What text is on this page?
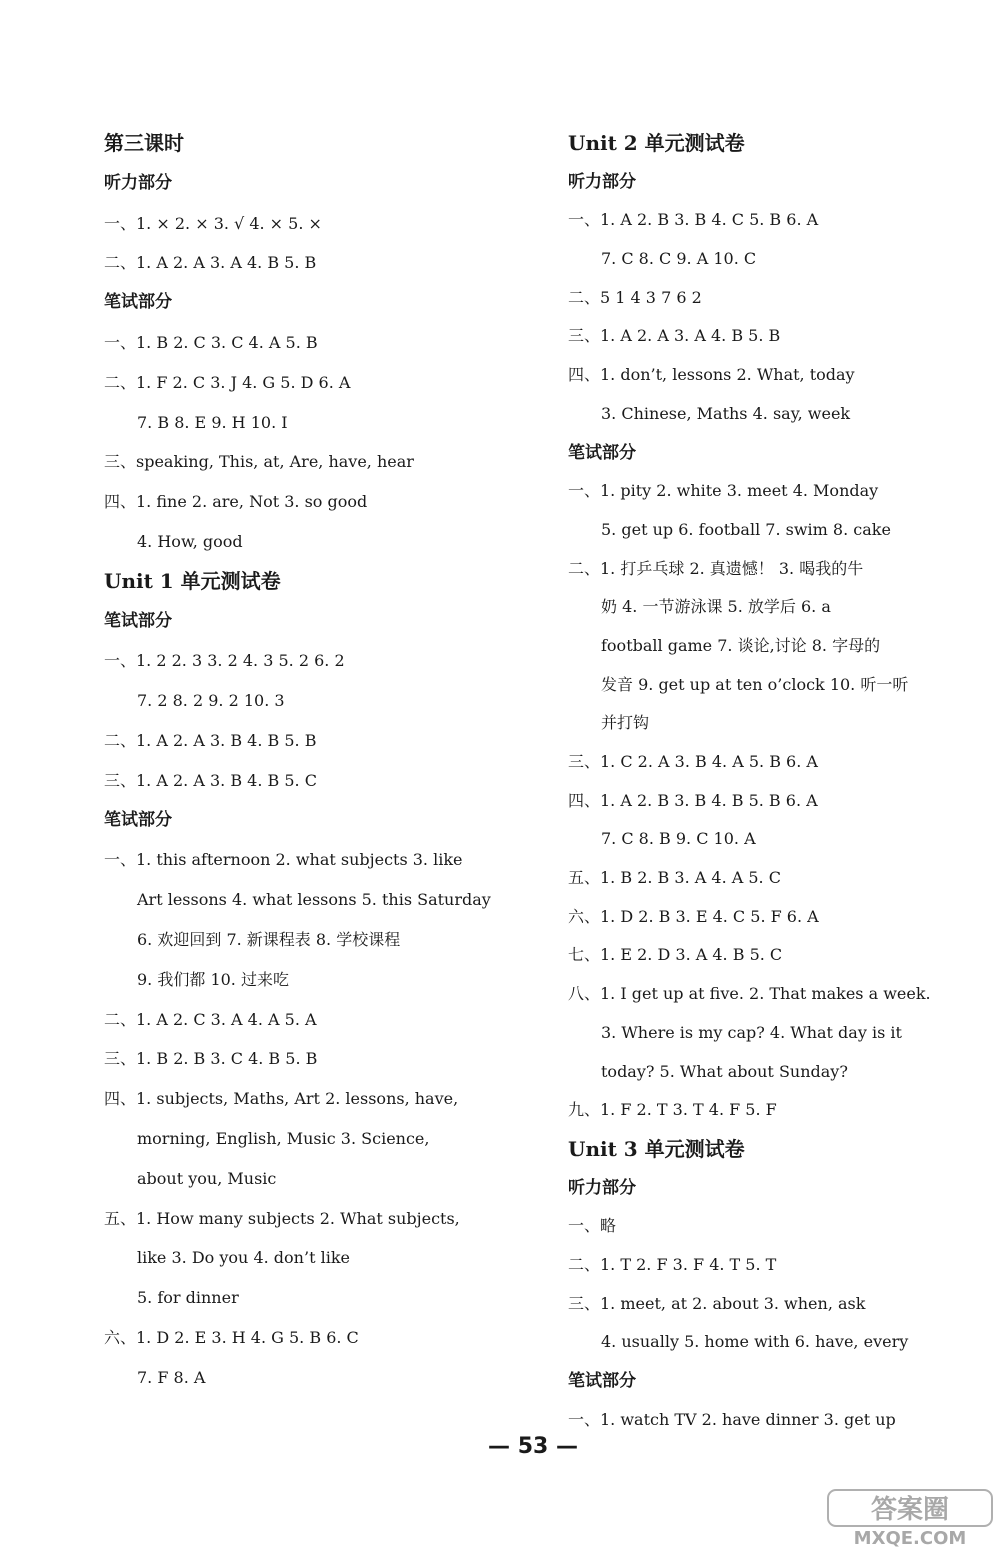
第三课时
听力部分
一、1. × 2. × 3. √ 4. × 5. ×
二、1. A 2. A 3. A 4. B 5. B
笔试部分
一、1. B 2. C 3. C 4. A 5. B
二、1. F 2. C 3. J 4. G 5. D 6. A
7. B 8. E 9. H 10. I
三、speaking, This, at, Are, have, hear
四、1. fine 2. are, Not 3. so good
4. How, good
Unit 1 单元测试卷
笔试部分
一、1. 2 2. 3 3. 2 4. 3 5. 2 6. 2
7. 2 8. 2 9. 2 10. 3
二、1. A 2. A 3. B 4. B 5. B
三、1. A 2. A 3. B 4. B 5. C
笔试部分
一、1. this afternoon 2. what subjects 3. like
Art lessons 4. what lessons 5. this Saturday
6. 欢迎回到 7. 新课程表 8. 学校课程
9. 我们都 10. 过来吃
二、1. A 2. C 3. A 4. A 5. A
三、1. B 2. B 3. C 4. B 5. B
四、1. subjects, Maths, Art 2. lessons, have,
morning, English, Music 3. Science,
about you, Music
五、1. How many subjects 2. What subjects,
like 3. Do you 4. don’t like
5. for dinner
六、1. D 2. E 3. H 4. G 5. B 6. C
7. F 8. A
Unit 2 单元测试卷
听力部分
一、1. A 2. B 3. B 4. C 5. B 6. A
7. C 8. C 9. A 10. C
二、5 1 4 3 7 6 2
三、1. A 2. A 3. A 4. B 5. B
四、1. don’t, lessons 2. What, today
3. Chinese, Maths 4. say, week
笔试部分
一、1. pity 2. white 3. meet 4. Monday
5. get up 6. football 7. swim 8. cake
二、1. 打乒乓球 2. 真遗憾！ 3. 喝我的牛
奶 4. 一节游泳课 5. 放学后 6. a
football game 7. 谈论,讨论 8. 字母的
发音 9. get up at ten o’clock 10. 听一听
并打钩
三、1. C 2. A 3. B 4. A 5. B 6. A
四、1. A 2. B 3. B 4. B 5. B 6. A
7. C 8. B 9. C 10. A
五、1. B 2. B 3. A 4. A 5. C
六、1. D 2. B 3. E 4. C 5. F 6. A
七、1. E 2. D 3. A 4. B 5. C
八、1. I get up at five. 2. That makes a week.
3. Where is my cap? 4. What day is it
today? 5. What about Sunday?
九、1. F 2. T 3. T 4. F 5. F
Unit 3 单元测试卷
听力部分
一、略
二、1. T 2. F 3. F 4. T 5. T
三、1. meet, at 2. about 3. when, ask
4. usually 5. home with 6. have, every
笔试部分
一、1. watch TV 2. have dinner 3. get up
— 53 —
答案圈
MXQE.COM
